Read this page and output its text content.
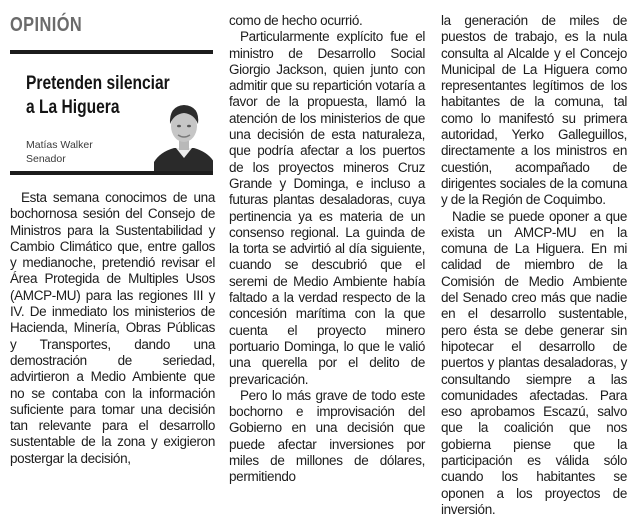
OPINIÓN
Pretenden silenciar
a La Higuera
Matías Walker
Senador

Esta semana conocimos de una bochornosa sesión del Consejo de Ministros para la Sustentabilidad y Cambio Climático que, entre gallos y medianoche, pretendió revisar el Área Protegida de Multiples Usos (AMCP-MU) para las regiones III y IV. De inmediato los ministerios de Hacienda, Minería, Obras Públicas y Transportes, dando una demostración de seriedad, advirtieron a Medio Ambiente que no se contaba con la información suficiente para tomar una decisión tan relevante para el desarrollo sustentable de la zona y exigieron postergar la decisión,

como de hecho ocurrió.

Particularmente explícito fue el ministro de Desarrollo Social Giorgio Jackson, quien junto con admitir que su repartición votaría a favor de la propuesta, llamó la atención de los ministerios de que una decisión de esta naturaleza, que podría afectar a los puertos de los proyectos mineros Cruz Grande y Dominga, e incluso a futuras plantas desaladoras, cuya pertinencia ya es materia de un consenso regional. La guinda de la torta se advirtió al día siguiente, cuando se descubrió que el seremi de Medio Ambiente había faltado a la verdad respecto de la concesión marítima con la que cuenta el proyecto minero portuario Dominga, lo que le valió una querella por el delito de prevaricación.

Pero lo más grave de todo este bochorno e improvisación del Gobierno en una decisión que puede afectar inversiones por miles de millones de dólares, permitiendo

la generación de miles de puestos de trabajo, es la nula consulta al Alcalde y el Concejo Municipal de La Higuera como representantes legítimos de los habitantes de la comuna, tal como lo manifestó su primera autoridad, Yerko Galleguillos, directamente a los ministros en cuestión, acompañado de dirigentes sociales de la comuna y de la Región de Coquimbo.

Nadie se puede oponer a que exista un AMCP-MU en la comuna de La Higuera. En mi calidad de miembro de la Comisión de Medio Ambiente del Senado creo más que nadie en el desarrollo sustentable, pero ésta se debe generar sin hipotecar el desarrollo de puertos y plantas desaladoras, y consultando siempre a las comunidades afectadas. Para eso aprobamos Escazú, salvo que la coalición que nos gobierna piense que la participación es válida sólo cuando los habitantes se oponen a los proyectos de inversión.
